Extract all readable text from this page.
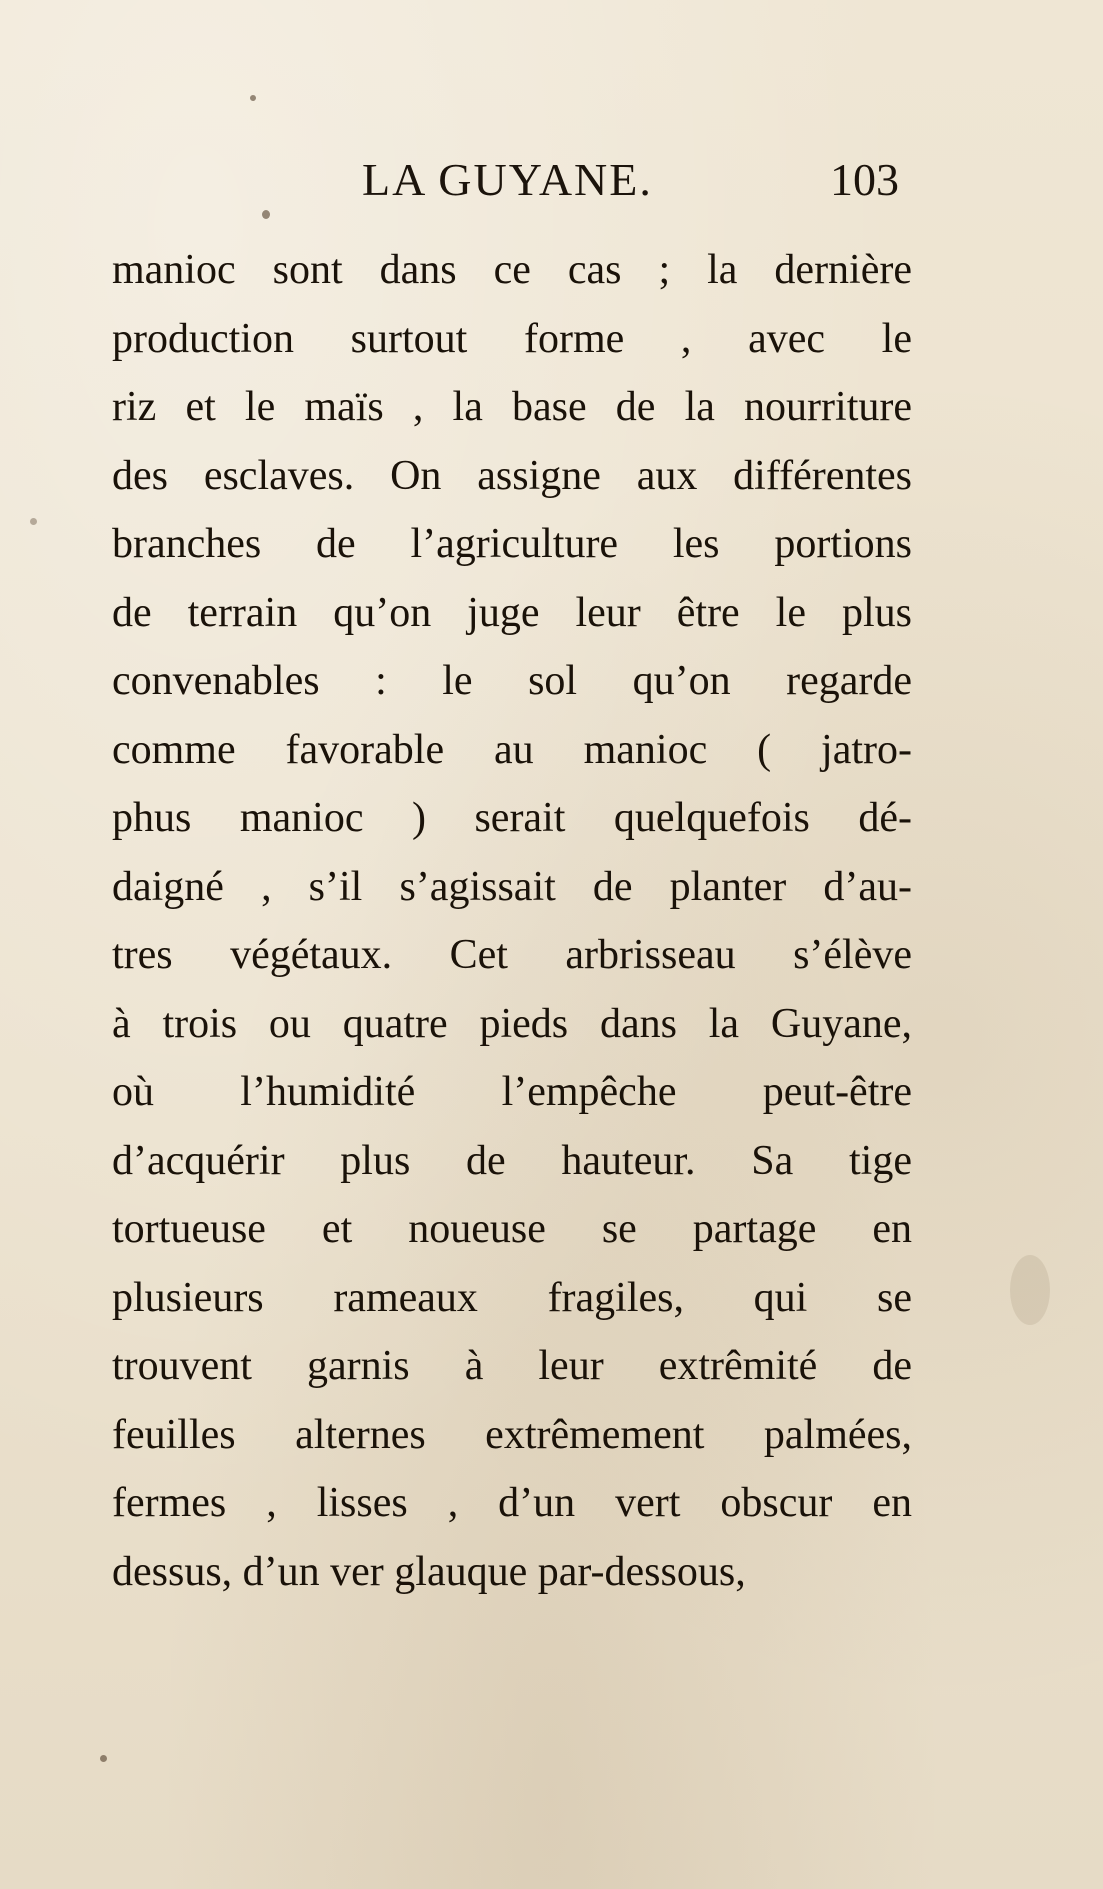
LA GUYANE.	103
manioc sont dans ce cas ; la dernière
production surtout forme , avec le
riz et le maïs , la base de la nourriture
des esclaves. On assigne aux différentes
branches de l’agriculture les portions
de terrain qu’on juge leur être le plus
convenables : le sol qu’on regarde
comme favorable au manioc ( jatro-
phus manioc ) serait quelquefois dé-
daigné , s’il s’agissait de planter d’au-
tres végétaux. Cet arbrisseau s’élève
à trois ou quatre pieds dans la Guyane,
où l’humidité l’empêche peut-être
d’acquérir plus de hauteur. Sa tige
tortueuse et noueuse se partage en
plusieurs rameaux fragiles, qui se
trouvent garnis à leur extrêmité de
feuilles alternes extrêmement palmées,
fermes , lisses , d’un vert obscur en
dessus, d’un ver glauque par-dessous,
